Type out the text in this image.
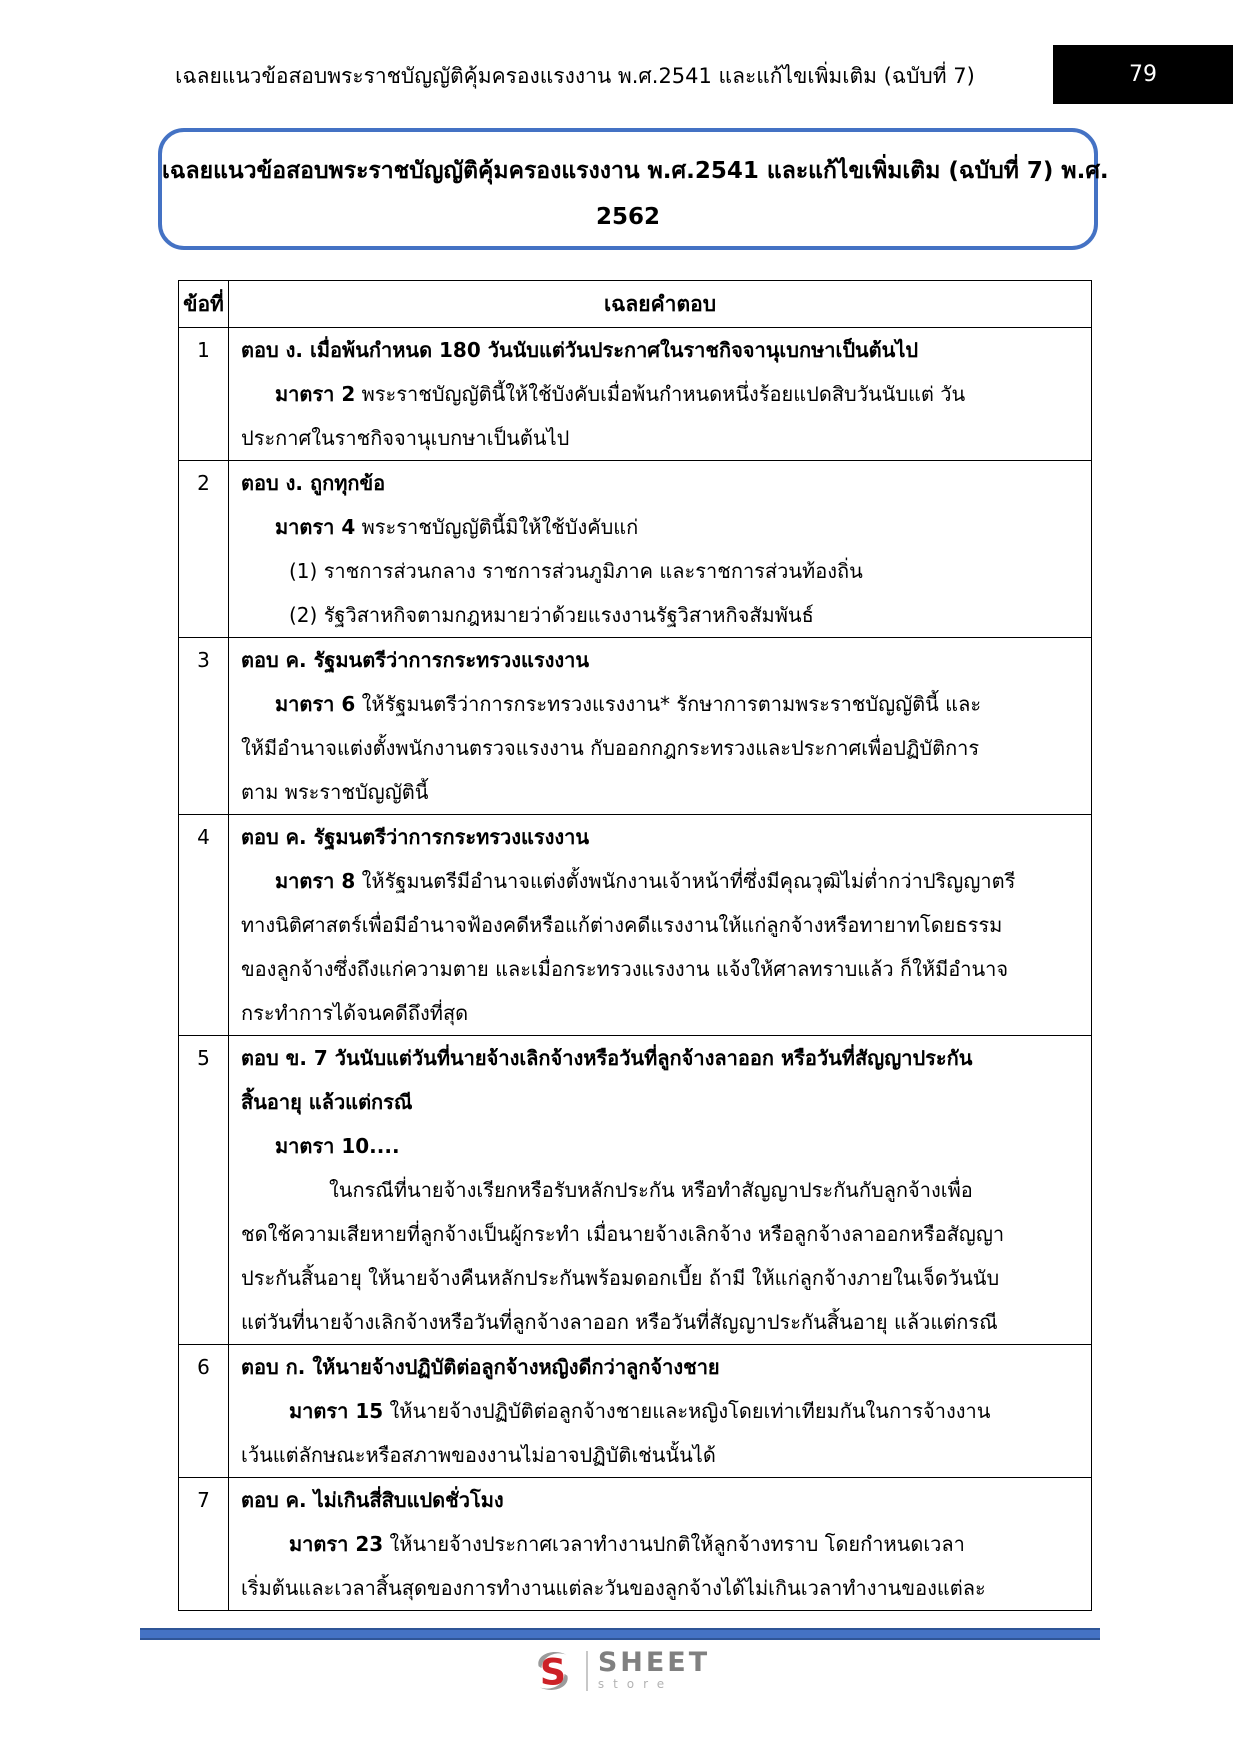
เฉลยแนวข้อสอบพระราชบัญญัติคุ้มครองแรงงาน พ.ศ.2541 และแก้ไขเพิ่มเติม (ฉบับที่ 7)	79
เฉลยแนวข้อสอบพระราชบัญญัติคุ้มครองแรงงาน พ.ศ.2541 และแก้ไขเพิ่มเติม (ฉบับที่ 7) พ.ศ.
2562
ข้อที่	เฉลยคำตอบ
1	ตอบ ง. เมื่อพ้นกำหนด 180 วันนับแต่วันประกาศในราชกิจจานุเบกษาเป็นต้นไป
มาตรา 2 พระราชบัญญัตินี้ให้ใช้บังคับเมื่อพ้นกำหนดหนึ่งร้อยแปดสิบวันนับแต่ วัน
ประกาศในราชกิจจานุเบกษาเป็นต้นไป
2	ตอบ ง. ถูกทุกข้อ
มาตรา 4 พระราชบัญญัตินี้มิให้ใช้บังคับแก่
(1) ราชการส่วนกลาง ราชการส่วนภูมิภาค และราชการส่วนท้องถิ่น
(2) รัฐวิสาหกิจตามกฎหมายว่าด้วยแรงงานรัฐวิสาหกิจสัมพันธ์
3	ตอบ ค. รัฐมนตรีว่าการกระทรวงแรงงาน
มาตรา 6 ให้รัฐมนตรีว่าการกระทรวงแรงงาน* รักษาการตามพระราชบัญญัตินี้ และ
ให้มีอำนาจแต่งตั้งพนักงานตรวจแรงงาน กับออกกฎกระทรวงและประกาศเพื่อปฏิบัติการ
ตาม พระราชบัญญัตินี้
4	ตอบ ค. รัฐมนตรีว่าการกระทรวงแรงงาน
มาตรา 8 ให้รัฐมนตรีมีอำนาจแต่งตั้งพนักงานเจ้าหน้าที่ซึ่งมีคุณวุฒิไม่ต่ำกว่าปริญญาตรี
ทางนิติศาสตร์เพื่อมีอำนาจฟ้องคดีหรือแก้ต่างคดีแรงงานให้แก่ลูกจ้างหรือทายาทโดยธรรม
ของลูกจ้างซึ่งถึงแก่ความตาย และเมื่อกระทรวงแรงงาน แจ้งให้ศาลทราบแล้ว ก็ให้มีอำนาจ
กระทำการได้จนคดีถึงที่สุด
5	ตอบ ข. 7 วันนับแต่วันที่นายจ้างเลิกจ้างหรือวันที่ลูกจ้างลาออก หรือวันที่สัญญาประกัน
สิ้นอายุ แล้วแต่กรณี
มาตรา 10....
ในกรณีที่นายจ้างเรียกหรือรับหลักประกัน หรือทำสัญญาประกันกับลูกจ้างเพื่อ
ชดใช้ความเสียหายที่ลูกจ้างเป็นผู้กระทำ เมื่อนายจ้างเลิกจ้าง หรือลูกจ้างลาออกหรือสัญญา
ประกันสิ้นอายุ ให้นายจ้างคืนหลักประกันพร้อมดอกเบี้ย ถ้ามี ให้แก่ลูกจ้างภายในเจ็ดวันนับ
แต่วันที่นายจ้างเลิกจ้างหรือวันที่ลูกจ้างลาออก หรือวันที่สัญญาประกันสิ้นอายุ แล้วแต่กรณี
6	ตอบ ก. ให้นายจ้างปฏิบัติต่อลูกจ้างหญิงดีกว่าลูกจ้างชาย
มาตรา 15 ให้นายจ้างปฏิบัติต่อลูกจ้างชายและหญิงโดยเท่าเทียมกันในการจ้างงาน
เว้นแต่ลักษณะหรือสภาพของงานไม่อาจปฏิบัติเช่นนั้นได้
7	ตอบ ค. ไม่เกินสี่สิบแปดชั่วโมง
มาตรา 23 ให้นายจ้างประกาศเวลาทำงานปกติให้ลูกจ้างทราบ โดยกำหนดเวลา
เริ่มต้นและเวลาสิ้นสุดของการทำงานแต่ละวันของลูกจ้างได้ไม่เกินเวลาทำงานของแต่ละ
S SHEET
store
